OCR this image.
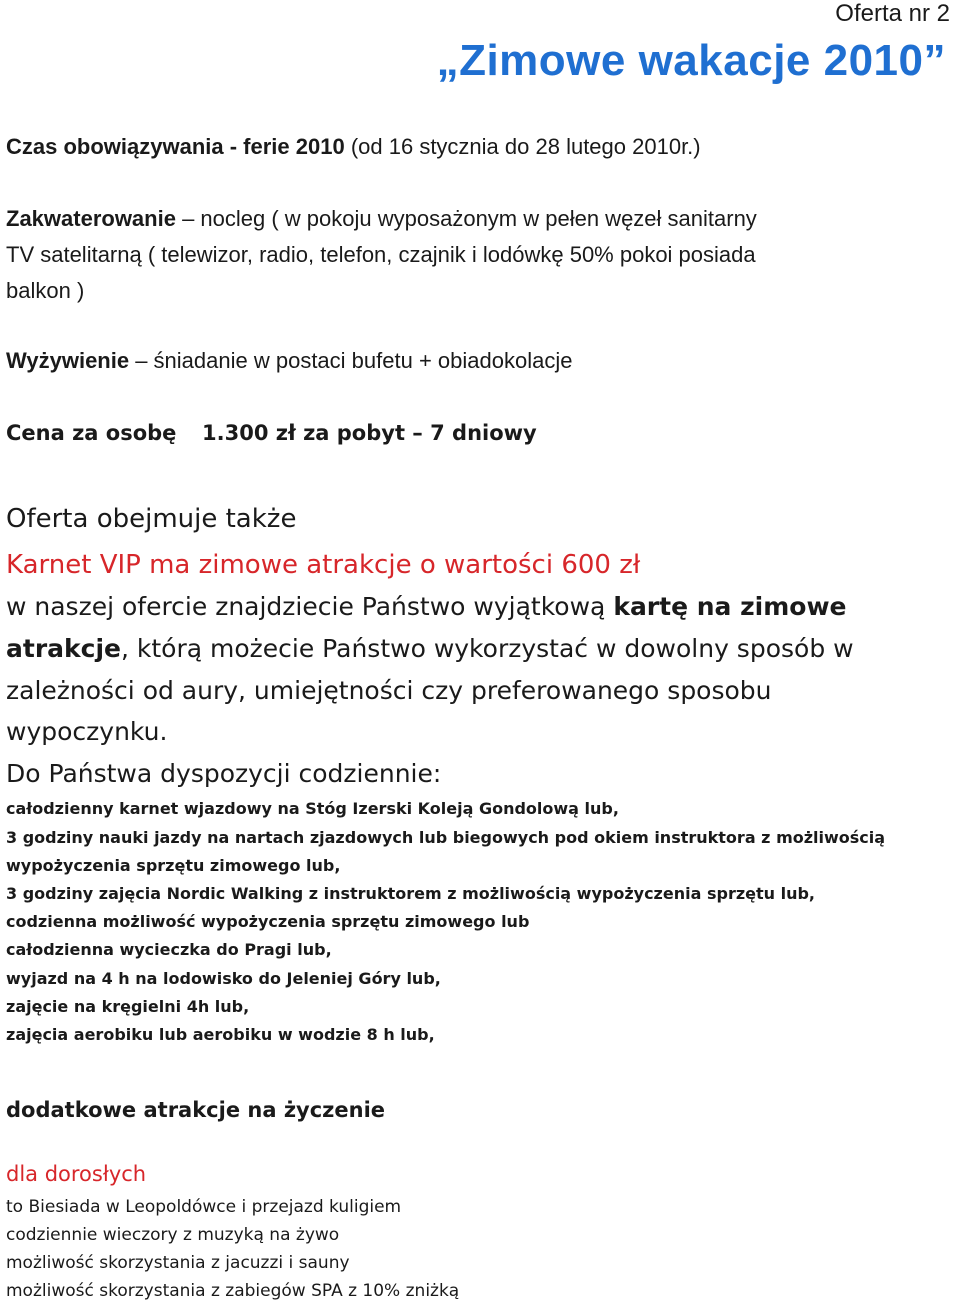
Oferta nr 2
„Zimowe wakacje 2010”
Czas obowiązywania - ferie 2010 (od 16 stycznia do 28 lutego 2010r.)
Zakwaterowanie – nocleg ( w pokoju wyposażonym w pełen węzeł sanitarny
TV satelitarną ( telewizor, radio, telefon, czajnik i lodówkę 50% pokoi posiada
balkon )
Wyżywienie – śniadanie w postaci bufetu + obiadokolacje
Cena za osobę 1.300 zł za pobyt – 7 dniowy
Oferta obejmuje także
Karnet VIP ma zimowe atrakcje o wartości 600 zł
w naszej ofercie znajdziecie Państwo wyjątkową kartę na zimowe
atrakcje, którą możecie Państwo wykorzystać w dowolny sposób w
zależności od aury, umiejętności czy preferowanego sposobu
wypoczynku.
Do Państwa dyspozycji codziennie:
całodzienny karnet wjazdowy na Stóg Izerski Koleją Gondolową lub,
3 godziny nauki jazdy na nartach zjazdowych lub biegowych pod okiem instruktora z możliwością
wypożyczenia sprzętu zimowego lub,
3 godziny zajęcia Nordic Walking z instruktorem z możliwością wypożyczenia sprzętu lub,
codzienna możliwość wypożyczenia sprzętu zimowego lub
całodzienna wycieczka do Pragi lub,
wyjazd na 4 h na lodowisko do Jeleniej Góry lub,
zajęcie na kręgielni 4h lub,
zajęcia aerobiku lub aerobiku w wodzie 8 h lub,
dodatkowe atrakcje na życzenie
dla dorosłych
to Biesiada w Leopoldówce i przejazd kuligiem
codziennie wieczory z muzyką na żywo
możliwość skorzystania z jacuzzi i sauny
możliwość skorzystania z zabiegów SPA z 10% zniżką
